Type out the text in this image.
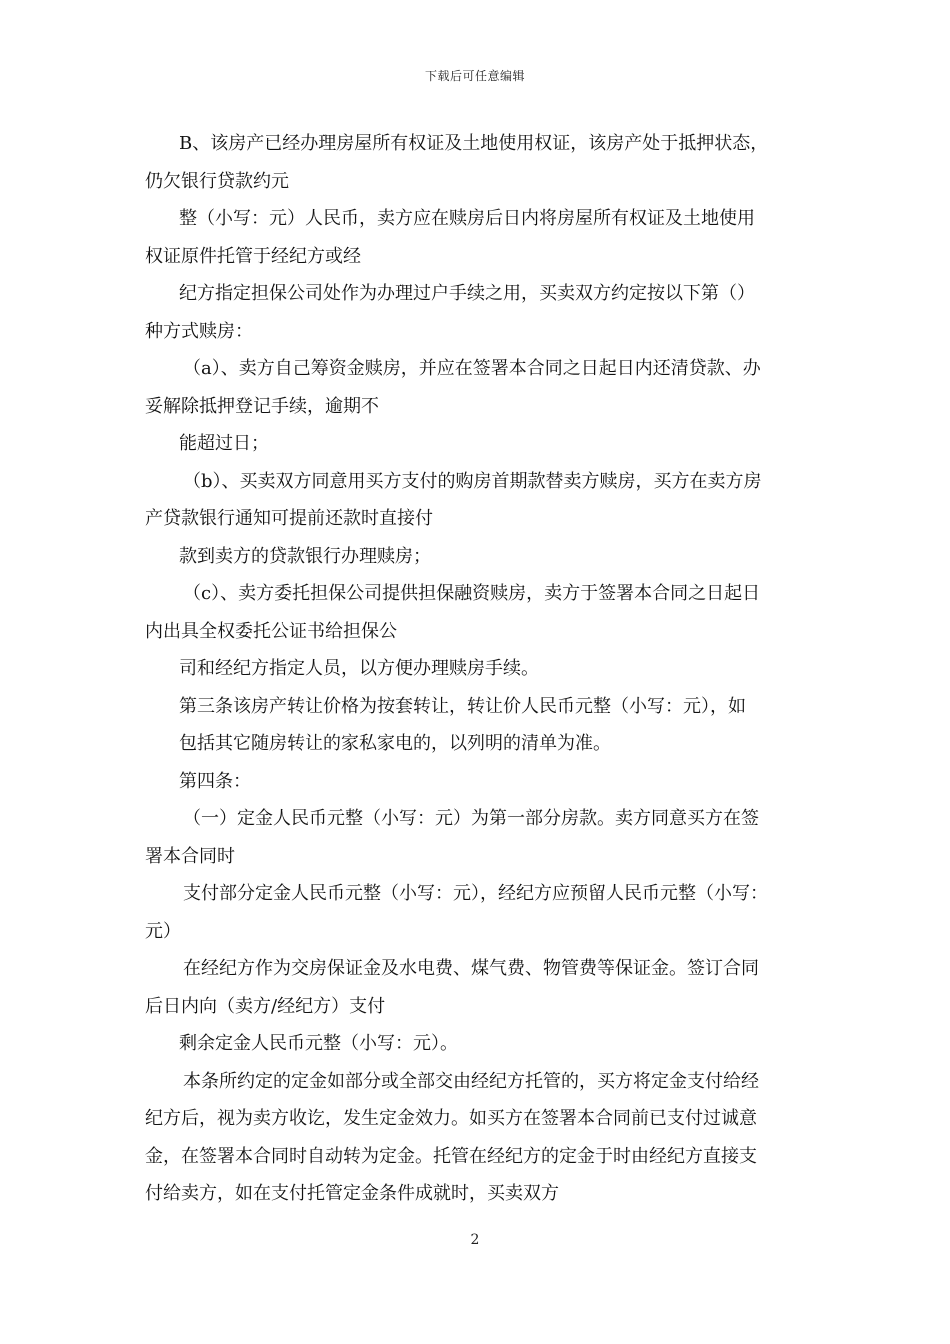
下载后可任意编辑

B、该房产已经办理房屋所有权证及土地使用权证，该房产处于抵押状态，

仍欠银行贷款约元

整（小写：元）人民币，卖方应在赎房后日内将房屋所有权证及土地使用

权证原件托管于经纪方或经

纪方指定担保公司处作为办理过户手续之用，买卖双方约定按以下第（）

种方式赎房：

（a）、卖方自己筹资金赎房，并应在签署本合同之日起日内还清贷款、办

妥解除抵押登记手续，逾期不

能超过日；

（b）、买卖双方同意用买方支付的购房首期款替卖方赎房，买方在卖方房

产贷款银行通知可提前还款时直接付

款到卖方的贷款银行办理赎房；

（c）、卖方委托担保公司提供担保融资赎房，卖方于签署本合同之日起日

内出具全权委托公证书给担保公

司和经纪方指定人员，以方便办理赎房手续。

第三条该房产转让价格为按套转让，转让价人民币元整（小写：元），如

包括其它随房转让的家私家电的，以列明的清单为准。

第四条：

（一）定金人民币元整（小写：元）为第一部分房款。卖方同意买方在签

署本合同时

支付部分定金人民币元整（小写：元），经纪方应预留人民币元整（小写：

元）

在经纪方作为交房保证金及水电费、煤气费、物管费等保证金。签订合同

后日内向（卖方/经纪方）支付

剩余定金人民币元整（小写：元）。

本条所约定的定金如部分或全部交由经纪方托管的，买方将定金支付给经

纪方后，视为卖方收讫，发生定金效力。如买方在签署本合同前已支付过诚意

金，在签署本合同时自动转为定金。托管在经纪方的定金于时由经纪方直接支

付给卖方，如在支付托管定金条件成就时，买卖双方

2
